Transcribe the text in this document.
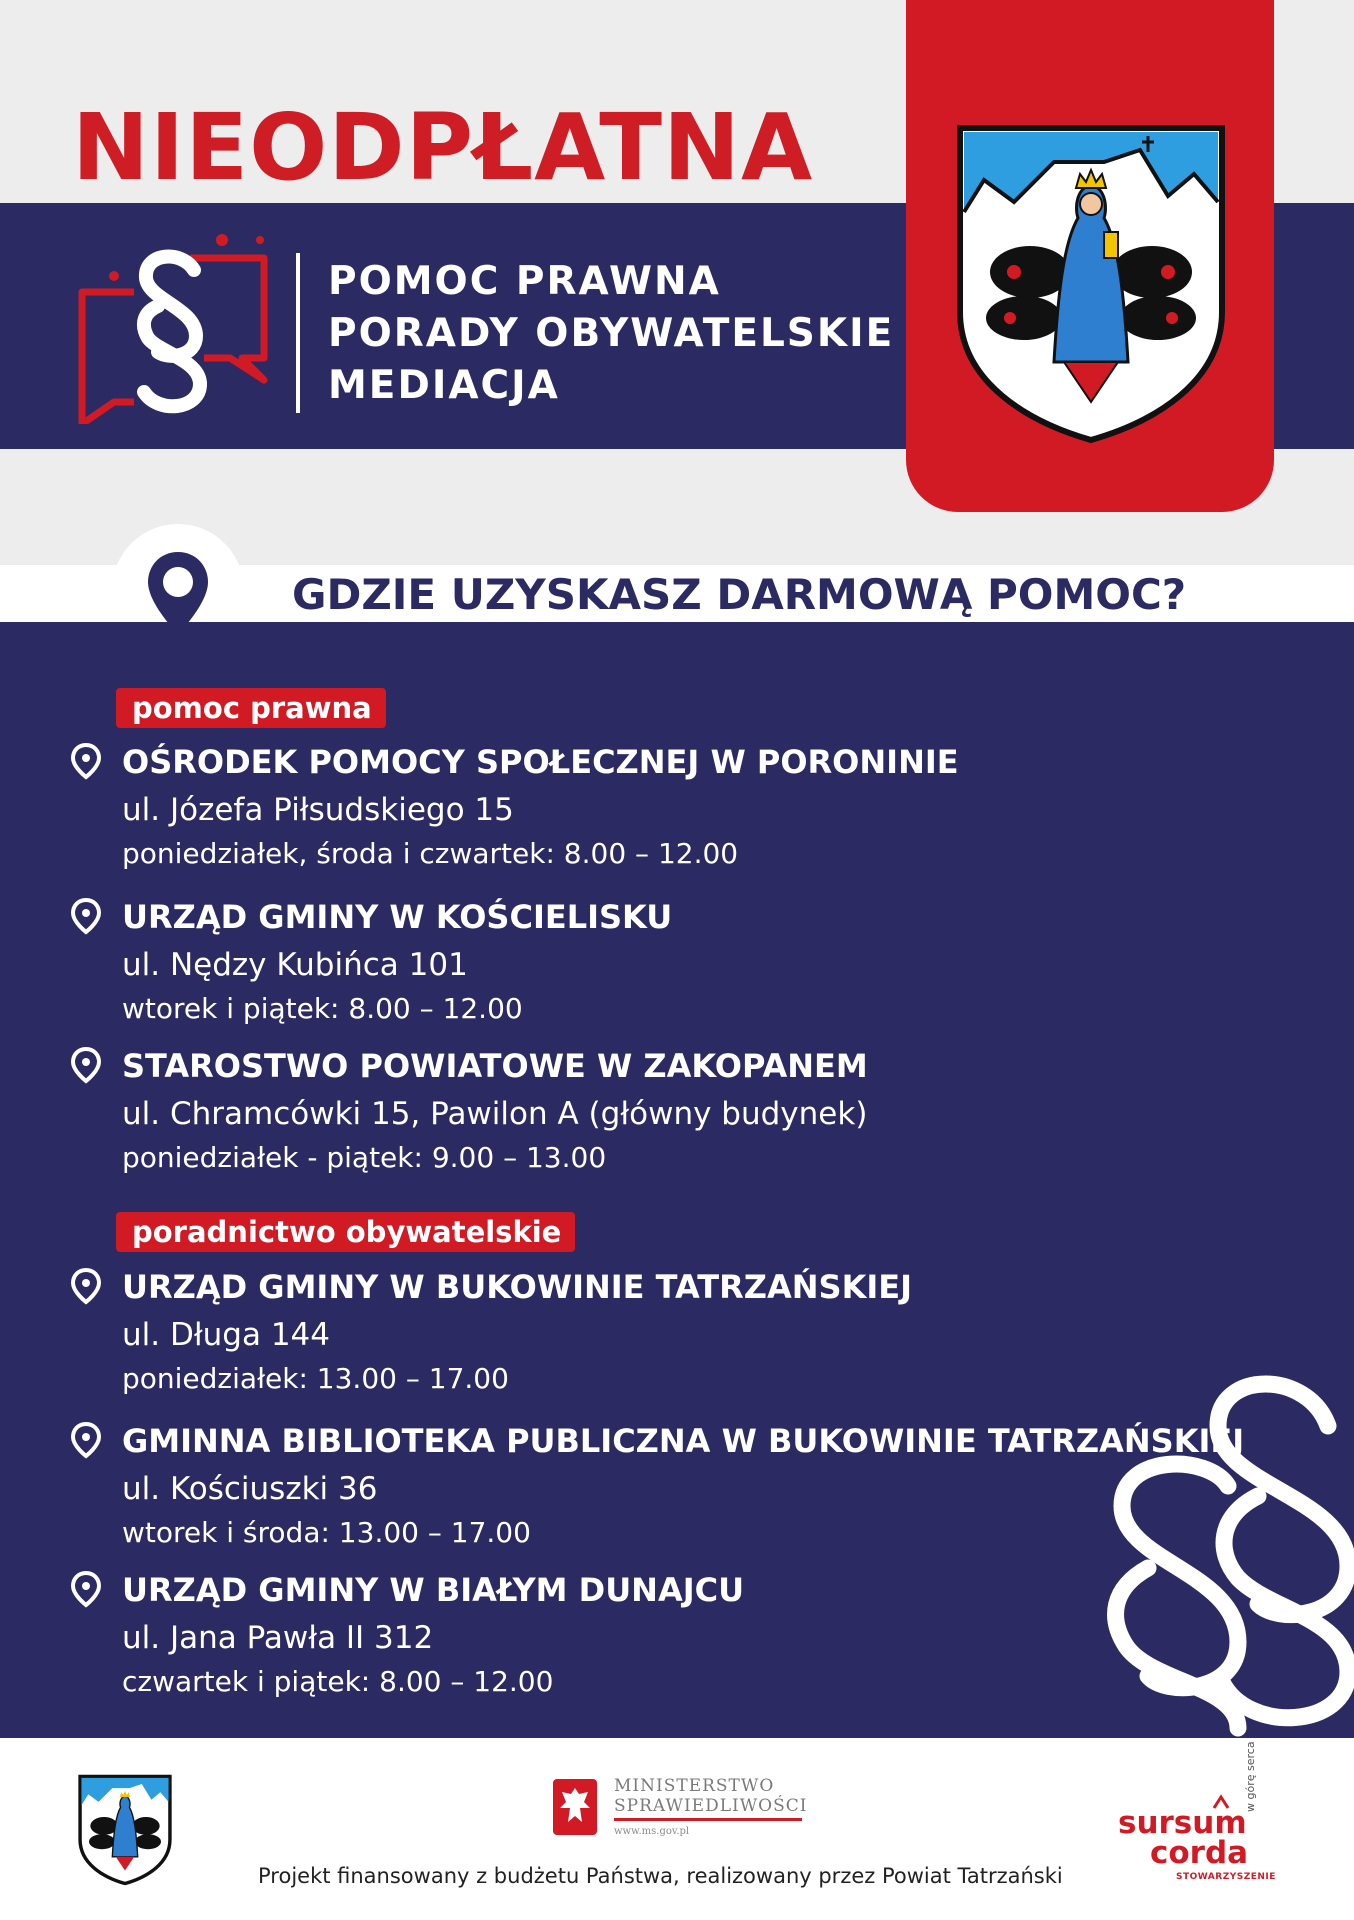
NIEODPŁATNA
POMOC PRAWNA
PORADY OBYWATELSKIE
MEDIACJA
GDZIE UZYSKASZ DARMOWĄ POMOC?
pomoc prawna
OŚRODEK POMOCY SPOŁECZNEJ W PORONINIE
ul. Józefa Piłsudskiego 15
poniedziałek, środa i czwartek: 8.00 – 12.00
URZĄD GMINY W KOŚCIELISKU
ul. Nędzy Kubińca 101
wtorek i piątek: 8.00 – 12.00
STAROSTWO POWIATOWE W ZAKOPANEM
ul. Chramcówki 15, Pawilon A (główny budynek)
poniedziałek - piątek: 9.00 – 13.00
poradnictwo obywatelskie
URZĄD GMINY W BUKOWINIE TATRZAŃSKIEJ
ul. Długa 144
poniedziałek: 13.00 – 17.00
GMINNA BIBLIOTEKA PUBLICZNA W BUKOWINIE TATRZAŃSKIEJ
ul. Kościuszki 36
wtorek i środa: 13.00 – 17.00
URZĄD GMINY W BIAŁYM DUNAJCU
ul. Jana Pawła II 312
czwartek i piątek: 8.00 – 12.00
MINISTERSTWO
SPRAWIEDLIWOŚCI
www.ms.gov.pl
Projekt finansowany z budżetu Państwa, realizowany przez Powiat Tatrzański
sursum
corda
STOWARZYSZENIE
w górę serca
